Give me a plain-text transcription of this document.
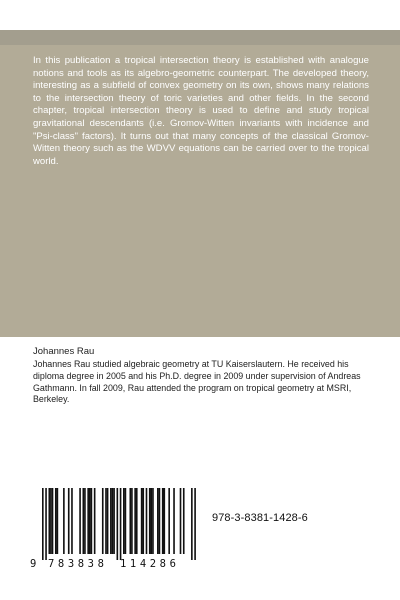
In this publication a tropical intersection theory is established with analogue notions and tools as its algebro-geometric counterpart. The developed theory, interesting as a subfield of convex geometry on its own, shows many relations to the intersection theory of toric varieties and other fields. In the second chapter, tropical intersection theory is used to define and study tropical gravitational descendants (i.e. Gromov-Witten invariants with incidence and "Psi-class" factors). It turns out that many concepts of the classical Gromov-Witten theory such as the WDVV equations can be carried over to the tropical world.

Johannes Rau

Johannes Rau studied algebraic geometry at TU Kaiserslautern. He received his diploma degree in 2005 and his Ph.D. degree in 2009 under supervision of Andreas Gathmann. In fall 2009, Rau attended the program on tropical geometry at MSRI, Berkeley.

9 783838 114286
978-3-8381-1428-6
